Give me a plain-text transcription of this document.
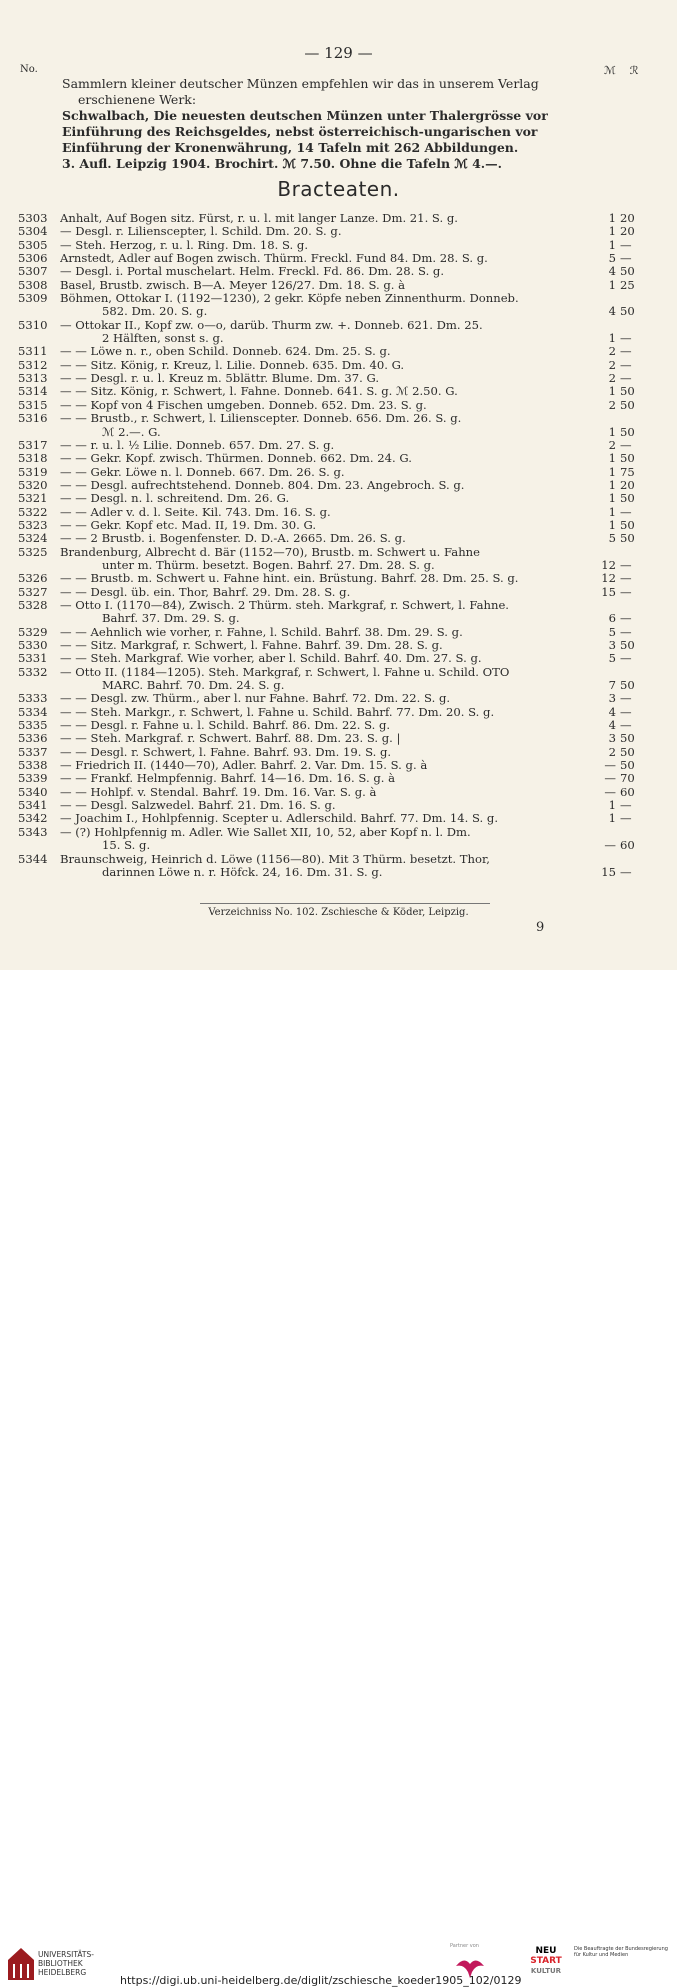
— 129 —
No.	ℳ ℛ
Sammlern kleiner deutscher Münzen empfehlen wir das in unserem Verlag
erschienene Werk:
Schwalbach, Die neuesten deutschen Münzen unter Thalergrösse vor
Einführung des Reichsgeldes, nebst österreichisch-ungarischen vor
Einführung der Kronenwährung, 14 Tafeln mit 262 Abbildungen.
3. Aufl. Leipzig 1904. Brochirt. ℳ 7.50. Ohne die Tafeln ℳ 4.—.
Bracteaten.
5303	Anhalt, Auf Bogen sitz. Fürst, r. u. l. mit langer Lanze. Dm. 21. S. g.	1 20
5304	— Desgl. r. Lilienscepter, l. Schild. Dm. 20. S. g.	1 20
5305	— Steh. Herzog, r. u. l. Ring. Dm. 18. S. g.	1 —
5306	Arnstedt, Adler auf Bogen zwisch. Thürm. Freckl. Fund 84. Dm. 28. S. g.	5 —
5307	— Desgl. i. Portal muschelart. Helm. Freckl. Fd. 86. Dm. 28. S. g.	4 50
5308	Basel, Brustb. zwisch. B—A. Meyer 126/27. Dm. 18. S. g. à	1 25
5309	Böhmen, Ottokar I. (1192—1230), 2 gekr. Köpfe neben Zinnenthurm. Donneb.
582. Dm. 20. S. g.	4 50
5310	— Ottokar II., Kopf zw. o—o, darüb. Thurm zw. +. Donneb. 621. Dm. 25.
2 Hälften, sonst s. g.	1 —
5311	— — Löwe n. r., oben Schild. Donneb. 624. Dm. 25. S. g.	2 —
5312	— — Sitz. König, r. Kreuz, l. Lilie. Donneb. 635. Dm. 40. G.	2 —
5313	— — Desgl. r. u. l. Kreuz m. 5blättr. Blume. Dm. 37. G.	2 —
5314	— — Sitz. König, r. Schwert, l. Fahne. Donneb. 641. S. g. ℳ 2.50. G.	1 50
5315	— — Kopf von 4 Fischen umgeben. Donneb. 652. Dm. 23. S. g.	2 50
5316	— — Brustb., r. Schwert, l. Lilienscepter. Donneb. 656. Dm. 26. S. g.
ℳ 2.—. G.	1 50
5317	— — r. u. l. ½ Lilie. Donneb. 657. Dm. 27. S. g.	2 —
5318	— — Gekr. Kopf. zwisch. Thürmen. Donneb. 662. Dm. 24. G.	1 50
5319	— — Gekr. Löwe n. l. Donneb. 667. Dm. 26. S. g.	1 75
5320	— — Desgl. aufrechtstehend. Donneb. 804. Dm. 23. Angebroch. S. g.	1 20
5321	— — Desgl. n. l. schreitend. Dm. 26. G.	1 50
5322	— — Adler v. d. l. Seite. Kil. 743. Dm. 16. S. g.	1 —
5323	— — Gekr. Kopf etc. Mad. II, 19. Dm. 30. G.	1 50
5324	— — 2 Brustb. i. Bogenfenster. D. D.-A. 2665. Dm. 26. S. g.	5 50
5325	Brandenburg, Albrecht d. Bär (1152—70), Brustb. m. Schwert u. Fahne
unter m. Thürm. besetzt. Bogen. Bahrf. 27. Dm. 28. S. g.	12 —
5326	— — Brustb. m. Schwert u. Fahne hint. ein. Brüstung. Bahrf. 28. Dm. 25. S. g.	12 —
5327	— — Desgl. üb. ein. Thor, Bahrf. 29. Dm. 28. S. g.	15 —
5328	— Otto I. (1170—84), Zwisch. 2 Thürm. steh. Markgraf, r. Schwert, l. Fahne.
Bahrf. 37. Dm. 29. S. g.	6 —
5329	— — Aehnlich wie vorher, r. Fahne, l. Schild. Bahrf. 38. Dm. 29. S. g.	5 —
5330	— — Sitz. Markgraf, r. Schwert, l. Fahne. Bahrf. 39. Dm. 28. S. g.	3 50
5331	— — Steh. Markgraf. Wie vorher, aber l. Schild. Bahrf. 40. Dm. 27. S. g.	5 —
5332	— Otto II. (1184—1205). Steh. Markgraf, r. Schwert, l. Fahne u. Schild. OTO
MARC. Bahrf. 70. Dm. 24. S. g.	7 50
5333	— — Desgl. zw. Thürm., aber l. nur Fahne. Bahrf. 72. Dm. 22. S. g.	3 —
5334	— — Steh. Markgr., r. Schwert, l. Fahne u. Schild. Bahrf. 77. Dm. 20. S. g.	4 —
5335	— — Desgl. r. Fahne u. l. Schild. Bahrf. 86. Dm. 22. S. g.	4 —
5336	— — Steh. Markgraf. r. Schwert. Bahrf. 88. Dm. 23. S. g. |	3 50
5337	— — Desgl. r. Schwert, l. Fahne. Bahrf. 93. Dm. 19. S. g.	2 50
5338	— Friedrich II. (1440—70), Adler. Bahrf. 2. Var. Dm. 15. S. g. à	— 50
5339	— — Frankf. Helmpfennig. Bahrf. 14—16. Dm. 16. S. g. à	— 70
5340	— — Hohlpf. v. Stendal. Bahrf. 19. Dm. 16. Var. S. g. à	— 60
5341	— — Desgl. Salzwedel. Bahrf. 21. Dm. 16. S. g.	1 —
5342	— Joachim I., Hohlpfennig. Scepter u. Adlerschild. Bahrf. 77. Dm. 14. S. g.	1 —
5343	— (?) Hohlpfennig m. Adler. Wie Sallet XII, 10, 52, aber Kopf n. l. Dm.
15. S. g.	— 60
5344	Braunschweig, Heinrich d. Löwe (1156—80). Mit 3 Thürm. besetzt. Thor,
darinnen Löwe n. r. Höfck. 24, 16. Dm. 31. S. g.	15 —
Verzeichniss No. 102. Zschiesche & Köder, Leipzig.
9
UNIVERSITÄTS-
BIBLIOTHEK
HEIDELBERG
Partner von	NEU
START
KULTUR
Die Beauftragte der Bundesregierung für Kultur und Medien
https://digi.ub.uni-heidelberg.de/diglit/zschiesche_koeder1905_102/0129
